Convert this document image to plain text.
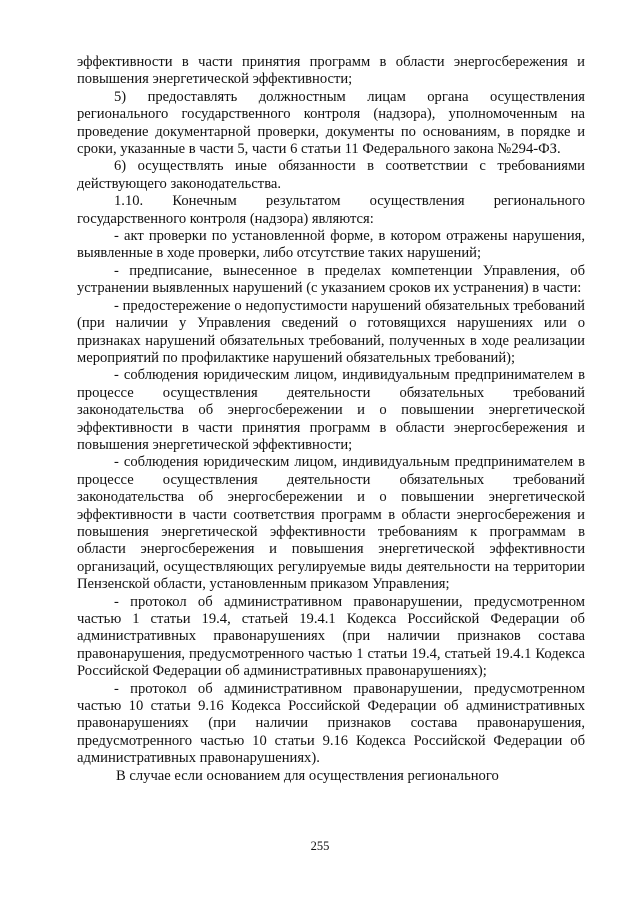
эффективности в части принятия программ в области энергосбережения и повышения энергетической эффективности;

5) предоставлять должностным лицам органа осуществления регионального государственного контроля (надзора), уполномоченным на проведение документарной проверки, документы по основаниям, в порядке и сроки, указанные в части 5, части 6 статьи 11 Федерального закона №294-ФЗ.

6) осуществлять иные обязанности в соответствии с требованиями действующего законодательства.

1.10. Конечным результатом осуществления регионального государственного контроля (надзора) являются:

- акт проверки по установленной форме, в котором отражены нарушения, выявленные в ходе проверки, либо отсутствие таких нарушений;

- предписание, вынесенное в пределах компетенции Управления, об устранении выявленных нарушений (с указанием сроков их устранения) в части:

- предостережение о недопустимости нарушений обязательных требований (при наличии у Управления сведений о готовящихся нарушениях или о признаках нарушений обязательных требований, полученных в ходе реализации мероприятий по профилактике нарушений обязательных требований);

- соблюдения юридическим лицом, индивидуальным предпринимателем в процессе осуществления деятельности обязательных требований законодательства об энергосбережении и о повышении энергетической эффективности в части принятия программ в области энергосбережения и повышения энергетической эффективности;

- соблюдения юридическим лицом, индивидуальным предпринимателем в процессе осуществления деятельности обязательных требований законодательства об энергосбережении и о повышении энергетической эффективности в части соответствия программ в области энергосбережения и повышения энергетической эффективности требованиям к программам в области энергосбережения и повышения энергетической эффективности организаций, осуществляющих регулируемые виды деятельности на территории Пензенской области, установленным приказом Управления;

- протокол об административном правонарушении, предусмотренном частью 1 статьи 19.4, статьей 19.4.1 Кодекса Российской Федерации об административных правонарушениях (при наличии признаков состава правонарушения, предусмотренного частью 1 статьи 19.4, статьей 19.4.1 Кодекса Российской Федерации об административных правонарушениях);

- протокол об административном правонарушении, предусмотренном частью 10 статьи 9.16 Кодекса Российской Федерации об административных правонарушениях (при наличии признаков состава правонарушения, предусмотренного частью 10 статьи 9.16 Кодекса Российской Федерации об административных правонарушениях).

В случае если основанием для осуществления регионального

255
